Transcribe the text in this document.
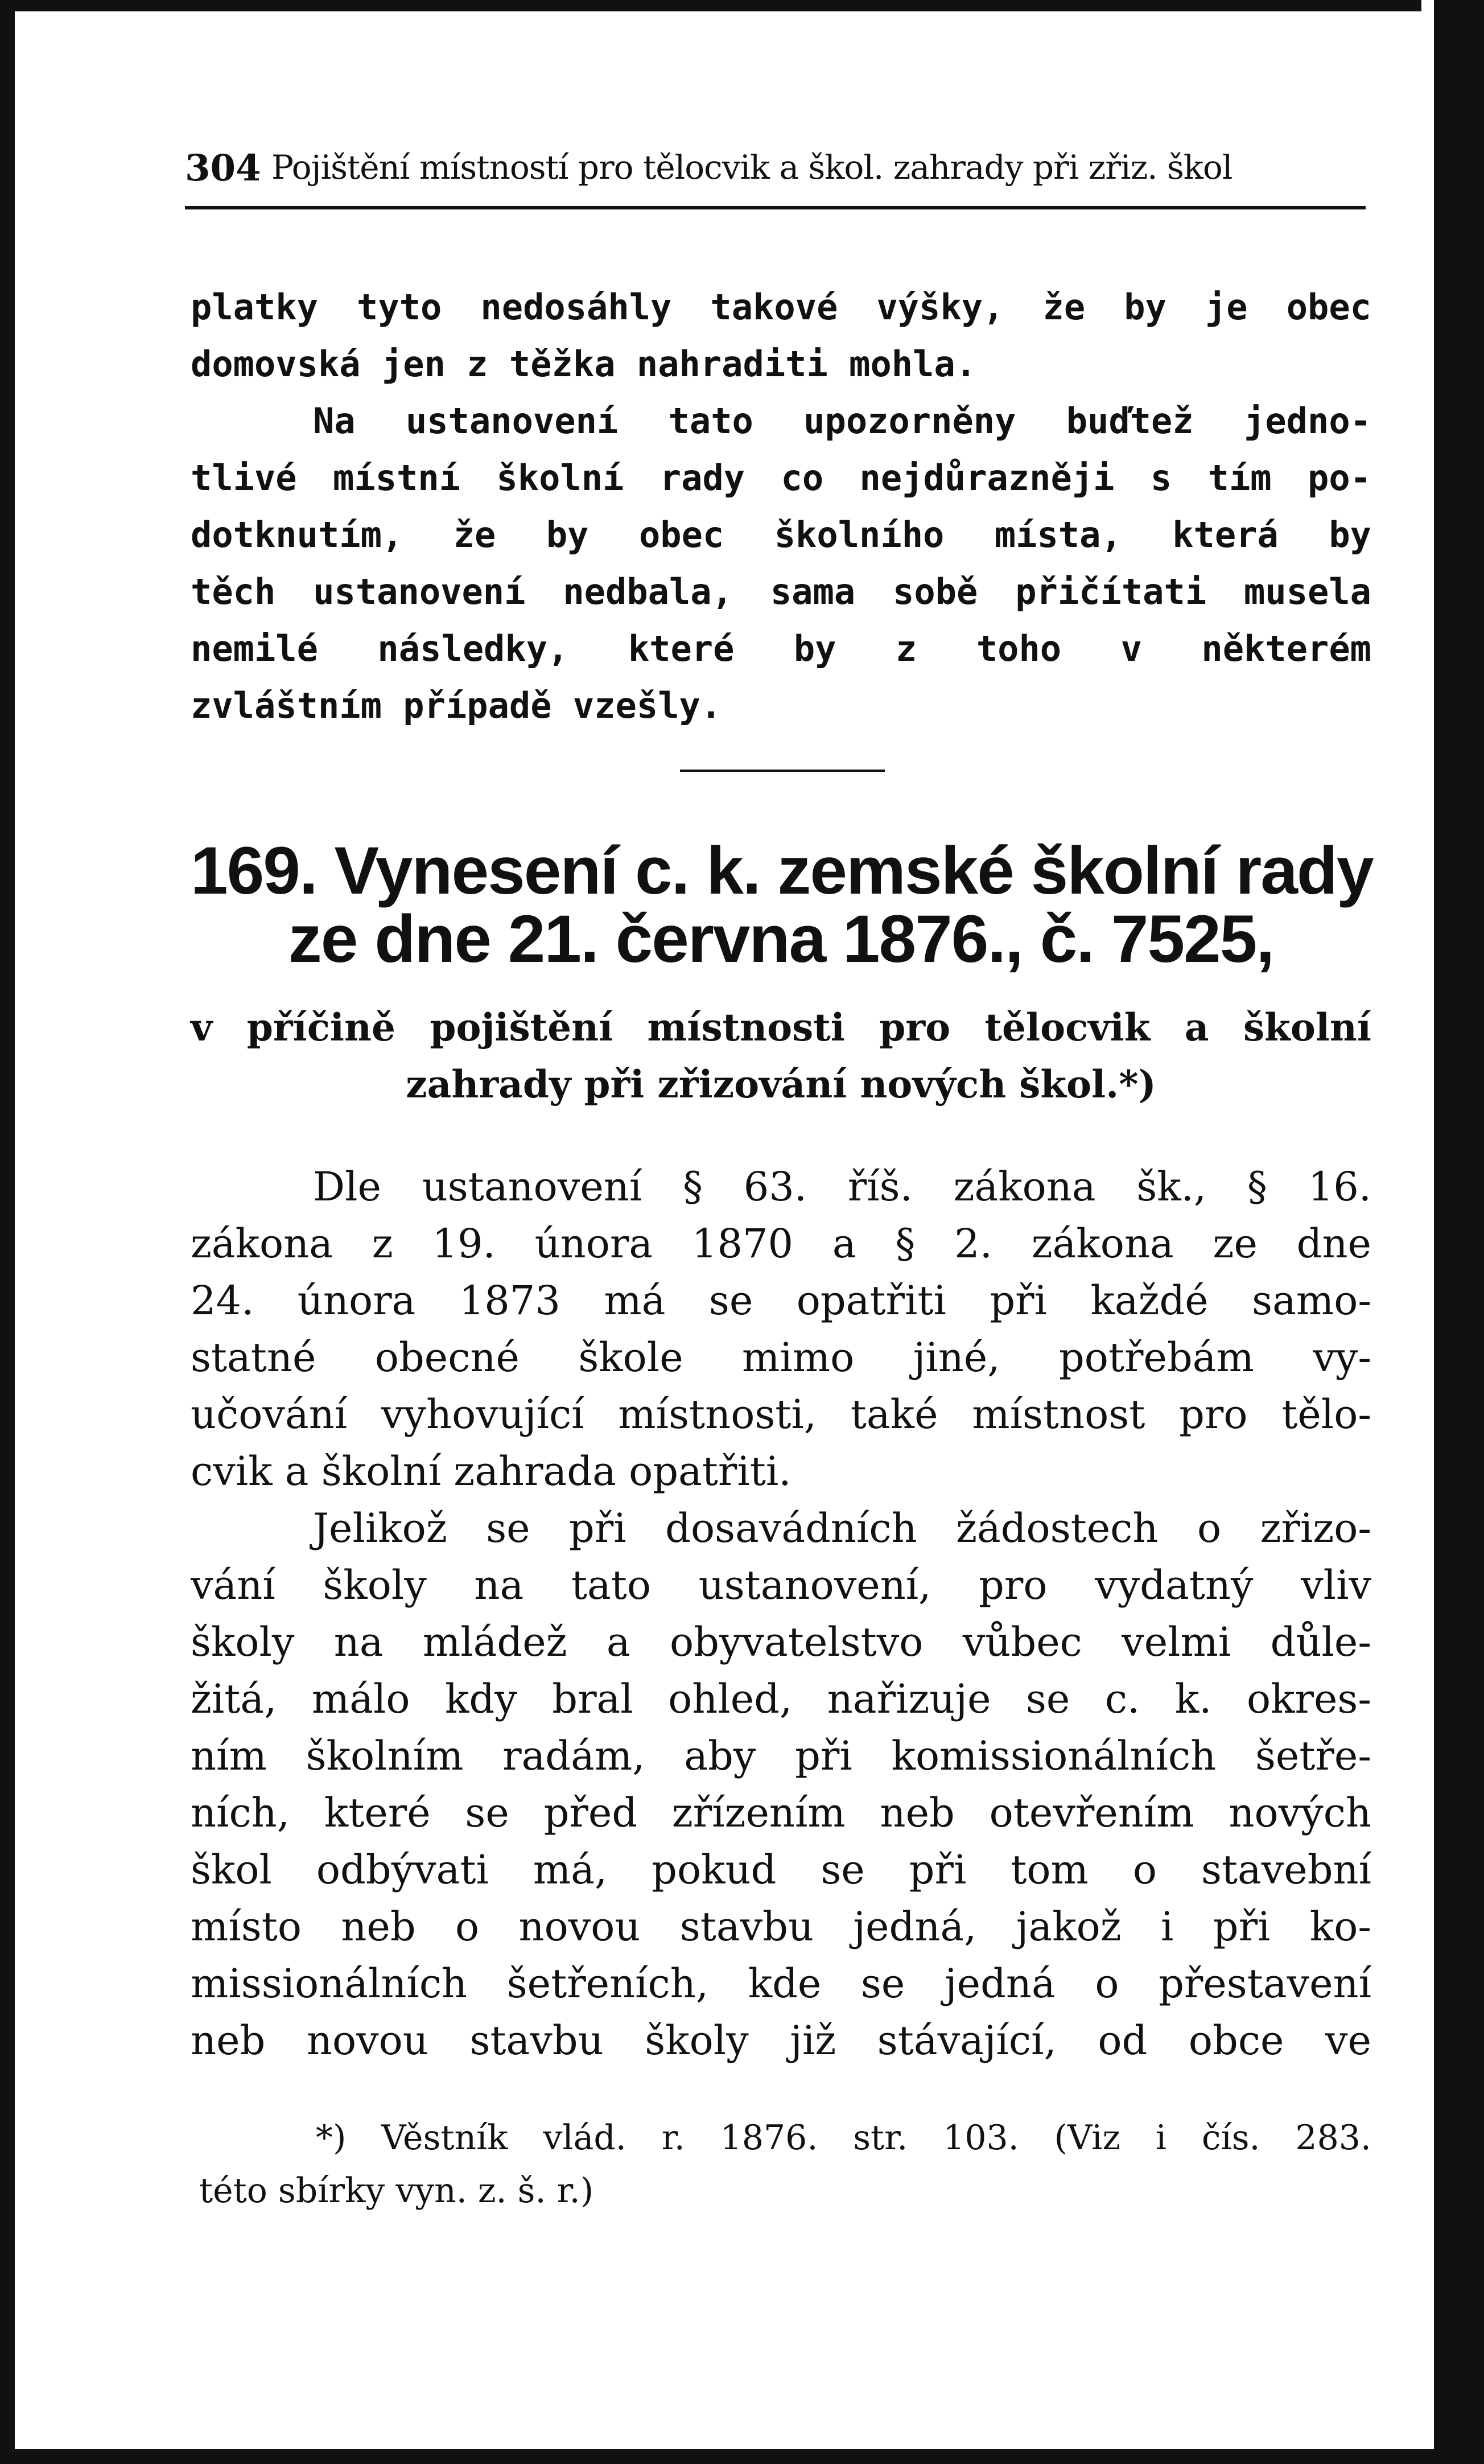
304 Pojištění místností pro tělocvik a škol. zahrady při zřiz. škol
platky tyto nedosáhly takové výšky, že by je obec
domovská jen z těžka nahraditi mohla.
Na ustanovení tato upozorněny buďtež jedno-
tlivé místní školní rady co nejdůrazněji s tím po-
dotknutím, že by obec školního místa, která by
těch ustanovení nedbala, sama sobě přičítati musela
nemilé následky, které by z toho v některém
zvláštním případě vzešly.
169. Vynesení c. k. zemské školní rady
ze dne 21. června 1876., č. 7525,
v příčině pojištění místnosti pro tělocvik a školní
zahrady při zřizování nových škol.*)
Dle ustanovení § 63. říš. zákona šk., § 16.
zákona z 19. února 1870 a § 2. zákona ze dne
24. února 1873 má se opatřiti při každé samo-
statné obecné škole mimo jiné, potřebám vy-
učování vyhovující místnosti, také místnost pro tělo-
cvik a školní zahrada opatřiti.
Jelikož se při dosavádních žádostech o zřizo-
vání školy na tato ustanovení, pro vydatný vliv
školy na mládež a obyvatelstvo vůbec velmi důle-
žitá, málo kdy bral ohled, nařizuje se c. k. okres-
ním školním radám, aby při komissionálních šetře-
ních, které se před zřízením neb otevřením nových
škol odbývati má, pokud se při tom o stavební
místo neb o novou stavbu jedná, jakož i při ko-
missionálních šetřeních, kde se jedná o přestavení
neb novou stavbu školy již stávající, od obce ve
*) Věstník vlád. r. 1876. str. 103. (Viz i čís. 283.
této sbírky vyn. z. š. r.)
